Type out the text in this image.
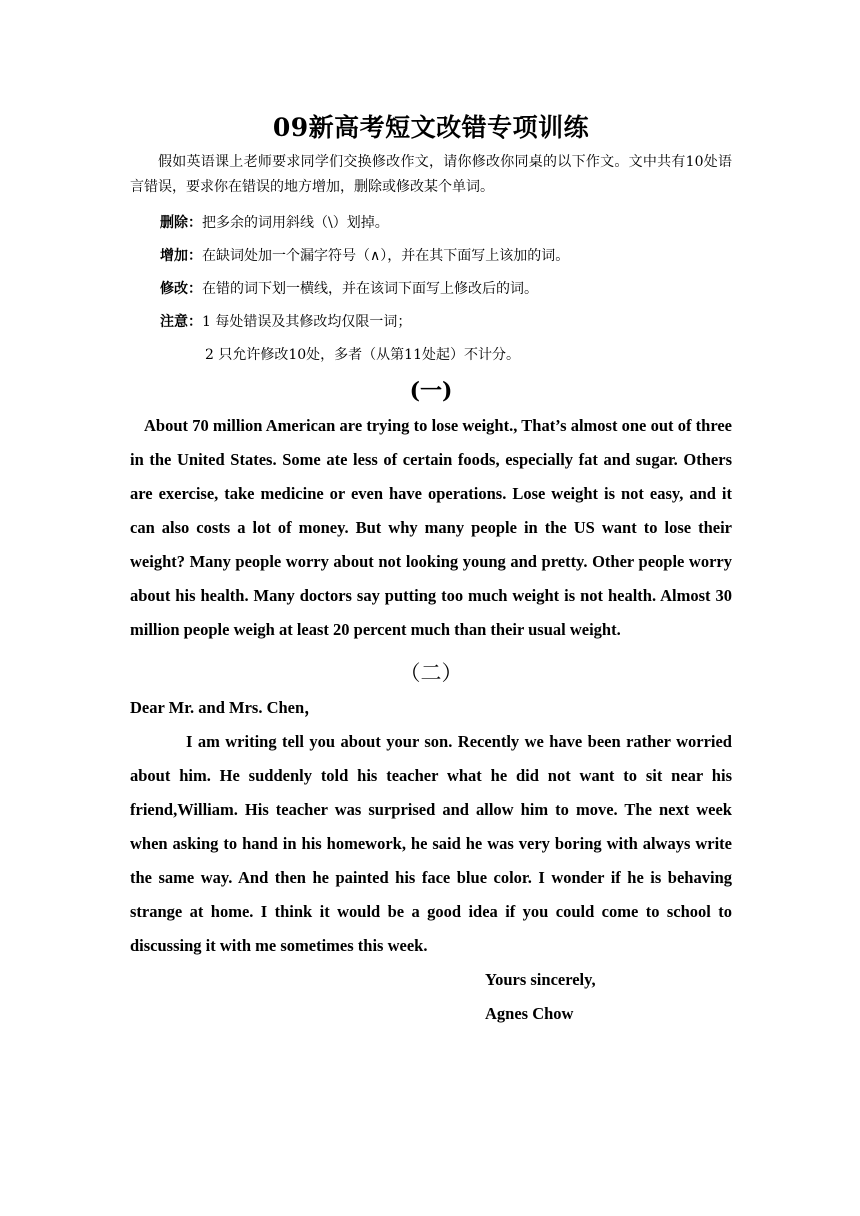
09新高考短文改错专项训练
假如英语课上老师要求同学们交换修改作文，请你修改你同桌的以下作文。文中共有10处语言错误，要求你在错误的地方增加，删除或修改某个单词。
删除：把多余的词用斜线（\）划掉。
增加：在缺词处加一个漏字符号（∧），并在其下面写上该加的词。
修改：在错的词下划一横线，并在该词下面写上修改后的词。
注意：1 每处错误及其修改均仅限一词；
2 只允许修改10处，多者（从第11处起）不计分。
(一)

About 70 million American are trying to lose weight., That’s almost one out of three in the United States. Some ate less of certain foods, especially fat and sugar. Others are exercise, take medicine or even have operations. Lose weight is not easy, and it can also costs a lot of money. But why many people in the US want to lose their weight? Many people worry about not looking young and pretty. Other people worry about his health. Many doctors say putting too much weight is not health. Almost 30 million people weigh at least 20 percent much than their usual weight.

（二）

Dear Mr. and Mrs. Chen，

I am writing tell you about your son. Recently we have been rather worried about him. He suddenly told his teacher what he did not want to sit near his friend,William. His teacher was surprised and allow him to move. The next week when asking to hand in his homework, he said he was very boring with always write the same way. And then he painted his face blue color. I wonder if he is behaving strange at home. I think it would be a good idea if you could come to school to discussing it with me sometimes this week.

Yours sincerely,

Agnes Chow
